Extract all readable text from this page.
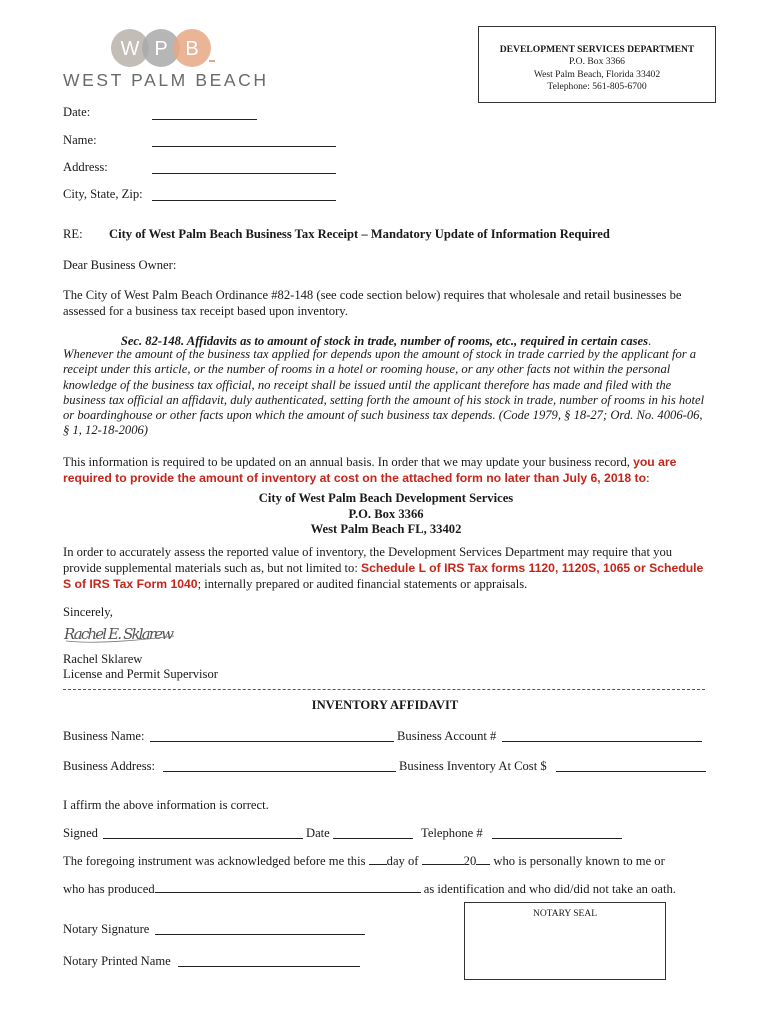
W P B
WEST PALM BEACH
DEVELOPMENT SERVICES DEPARTMENT
P.O. Box 3366
West Palm Beach, Florida 33402
Telephone: 561-805-6700
Date:
Name:
Address:
City, State, Zip:
RE: City of West Palm Beach Business Tax Receipt – Mandatory Update of Information Required
Dear Business Owner:
The City of West Palm Beach Ordinance #82-148 (see code section below) requires that wholesale and retail businesses be assessed for a business tax receipt based upon inventory.
Sec. 82-148. Affidavits as to amount of stock in trade, number of rooms, etc., required in certain cases.
Whenever the amount of the business tax applied for depends upon the amount of stock in trade carried by the applicant for a receipt under this article, or the number of rooms in a hotel or rooming house, or any other facts not within the personal knowledge of the business tax official, no receipt shall be issued until the applicant therefore has made and filed with the business tax official an affidavit, duly authenticated, setting forth the amount of his stock in trade, number of rooms in his hotel or boardinghouse or other facts upon which the amount of such business tax depends. (Code 1979, § 18-27; Ord. No. 4006-06, § 1, 12-18-2006)
This information is required to be updated on an annual basis. In order that we may update your business record, you are required to provide the amount of inventory at cost on the attached form no later than July 6, 2018 to:
City of West Palm Beach Development Services
P.O. Box 3366
West Palm Beach FL, 33402
In order to accurately assess the reported value of inventory, the Development Services Department may require that you provide supplemental materials such as, but not limited to: Schedule L of IRS Tax forms 1120, 1120S, 1065 or Schedule S of IRS Tax Form 1040; internally prepared or audited financial statements or appraisals.
Sincerely,
Rachel E. Sklarew
Rachel Sklarew
License and Permit Supervisor
INVENTORY AFFIDAVIT
Business Name:	Business Account #
Business Address:	Business Inventory At Cost $
I affirm the above information is correct.
Signed	Date	Telephone #
The foregoing instrument was acknowledged before me this day of	20 who is personally known to me or
who has produced	as identification and who did/did not take an oath.
NOTARY SEAL
Notary Signature
Notary Printed Name
